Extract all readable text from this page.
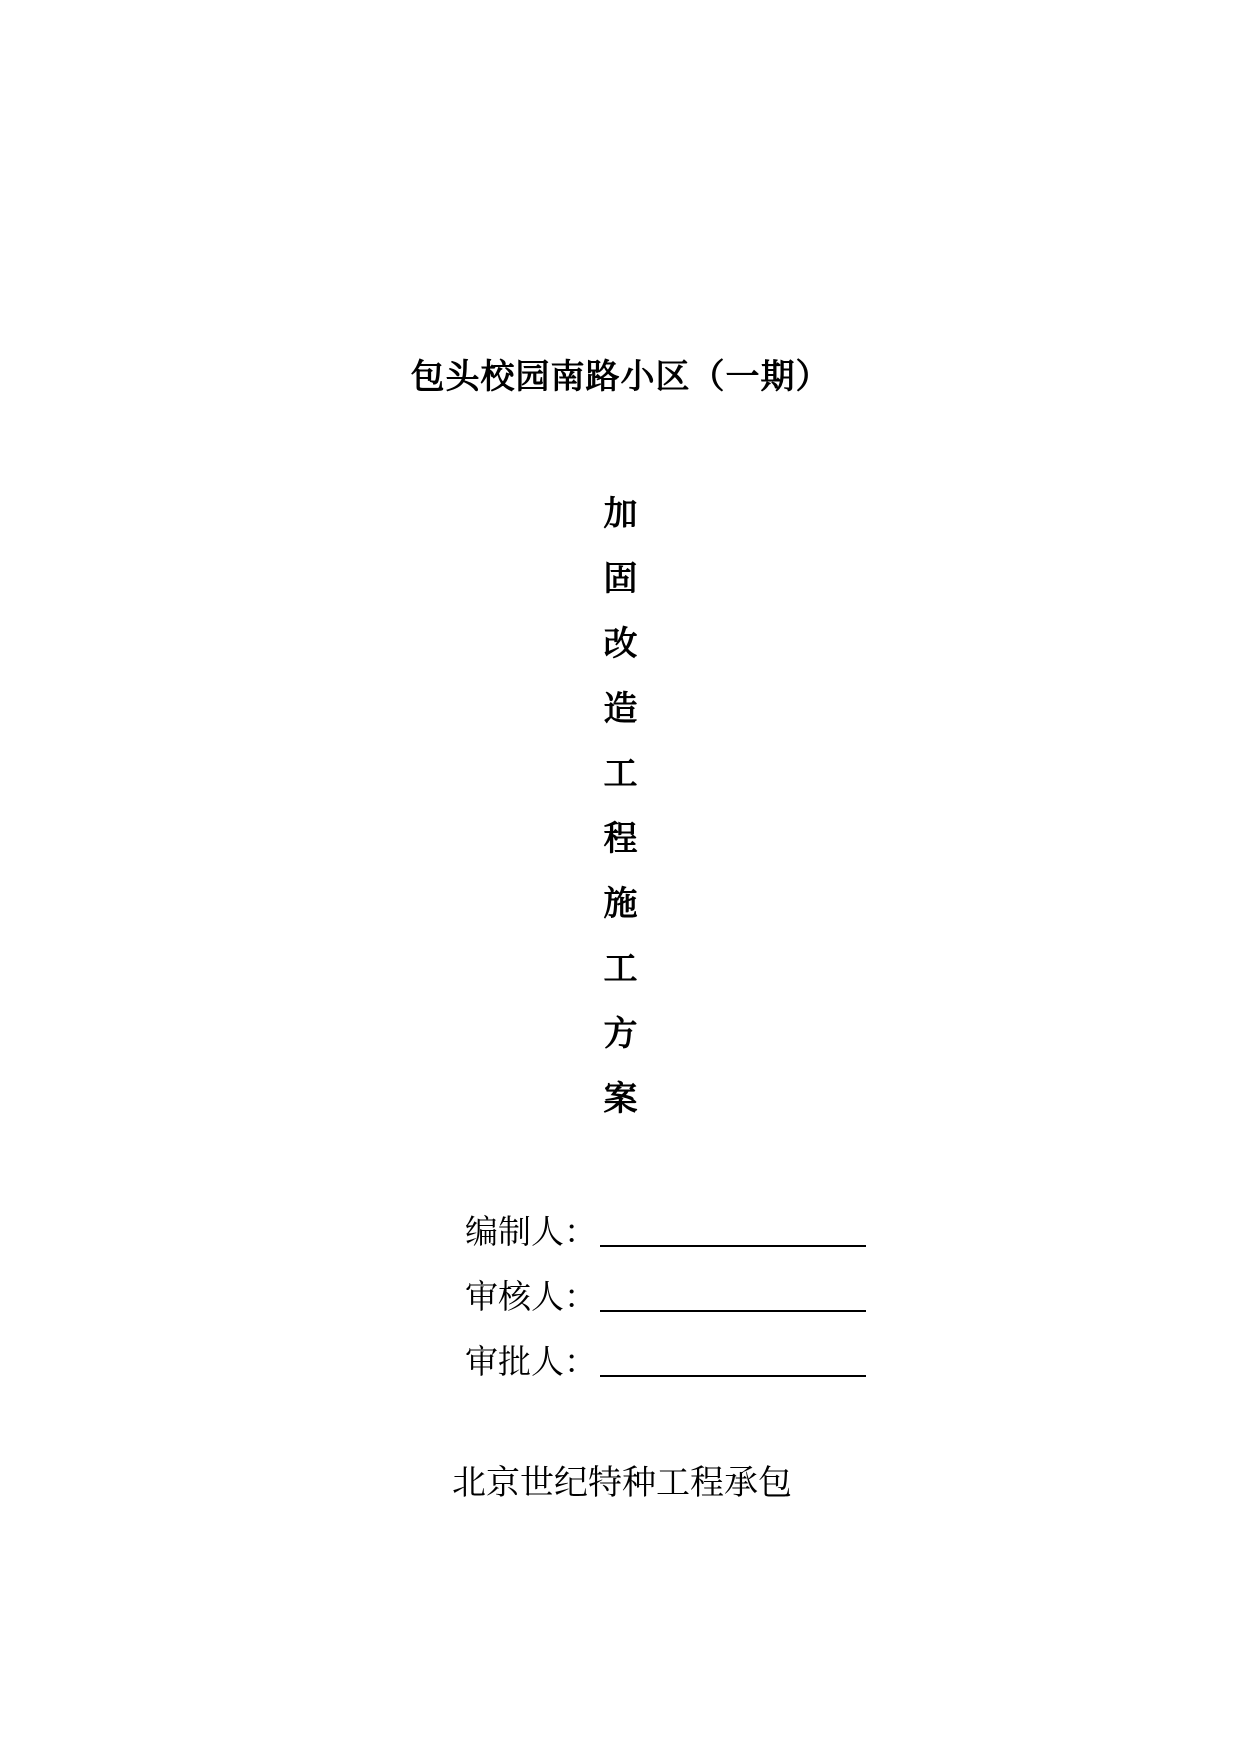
包头校园南路小区（一期）
加
固
改
造
工
程
施
工
方
案
编制人：
审核人：
审批人：
北京世纪特种工程承包
